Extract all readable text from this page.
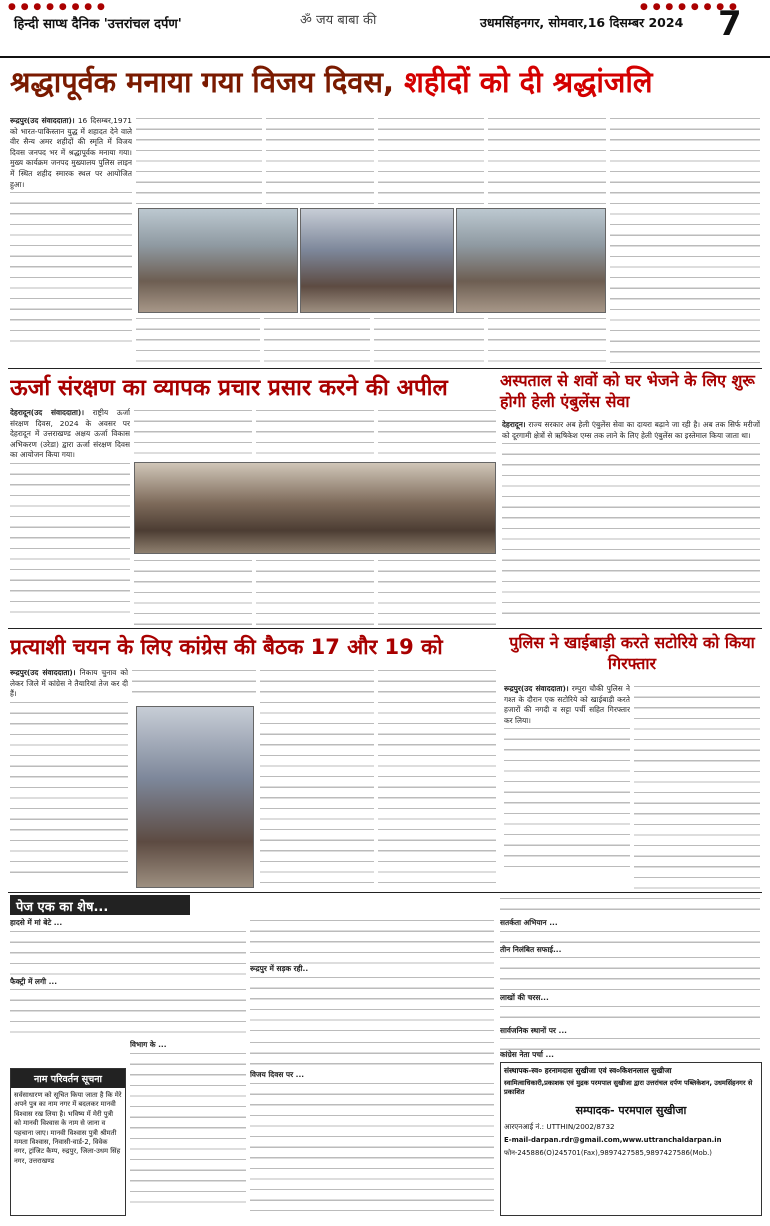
● ● ● ● ● ● ● ●	● ● ● ● ● ● ● ●
हिन्दी साप्ध दैनिक 'उत्तरांचल दर्पण'	ॐ जय बाबा की	उधमसिंहनगर, सोमवार,16 दिसम्बर 2024 7
श्रद्धापूर्वक मनाया गया विजय दिवस, शहीदों को दी श्रद्धांजलि
रूद्रपुर(उद संवाददाता)। 16 दिसम्बर,1971 को भारत-पाकिस्तान युद्ध में शहादत देने वाले वीर सैन्य अमर शहीदों की स्मृति में विजय दिवस जनपद भर में श्रद्धापूर्वक मनाया गया। मुख्य कार्यक्रम जनपद मुख्यालय पुलिस लाइन में स्थित शहीद स्मारक स्थल पर आयोजित हुआ।
ऊर्जा संरक्षण का व्यापक प्रचार प्रसार करने की अपील
देहरादून(उद संवाददाता)। राष्ट्रीय ऊर्जा संरक्षण दिवस, 2024 के अवसर पर देहरादून में उत्तराखण्ड अक्षय ऊर्जा विकास अभिकरण (उरेडा) द्वारा ऊर्जा संरक्षण दिवस का आयोजन किया गया।
अस्पताल से शवों को घर भेजने के लिए शुरू होगी हेली एंबुलेंस सेवा
देहरादून। राज्य सरकार अब हेली एंबुलेंस सेवा का दायरा बढ़ाने जा रही है। अब तक सिर्फ मरीजों को दूरगामी क्षेत्रों से ऋषिकेश एम्स तक लाने के लिए हेली एंबुलेंस का इस्तेमाल किया जाता था।
प्रत्याशी चयन के लिए कांग्रेस की बैठक 17 और 19 को
रूद्रपुर(उद संवाददाता)। निकाय चुनाव को लेकर जिले में कांग्रेस ने तैयारियां तेज कर दी हैं।
पुलिस ने खाईबाड़ी करते सटोरिये को किया गिरफ्तार
रूद्रपुर(उद संवाददाता)। रम्पुरा चौकी पुलिस ने गश्त के दौरान एक सटोरिये को खाईबाड़ी करते हजारों की नगदी व सट्टा पर्ची सहित गिरफ्तार कर लिया।
पेज एक का शेष...
हादसे में मां बेटे ...
फैक्ट्री में लगी ...
रूद्रपुर में सड़क रही..
विजय दिवस पर ...
विभाग के ...
सतर्कता अभियान ...
तीन निलंबित सफाई...
लाखों की चरस...
सार्वजनिक स्थानों पर ...
कांग्रेस नेता पर्चा ...
नाम परिवर्तन सूचना
सर्वसाधारण को सूचित किया जाता है कि मेरे अपने पुत्र का नाम नगर में बदलकर मानवी विश्वास रख लिया है। भविष्य में मेरी पुत्री को मानवी विश्वास के नाम से जाना व पहचाना जाए। मानवी विश्वास पुत्री श्रीमती ममता विश्वास, निवासी-वार्ड-2, विवेक नगर, ट्रांजिट कैम्प, रुद्रपुर, जिला-उधम सिंह नगर, उत्तराखण्ड
संस्थापक-स्व० हरनामदास सुखीजा एवं स्व०किशनलाल सुखीजा
स्वामित्वाधिकारी,प्रकाशक एवं मुद्रक परमपाल सुखीजा द्वारा उत्तरांचल दर्पण पब्लिकेशन, उधमसिंहनगर से प्रकाशित
सम्पादक- परमपाल सुखीजा
आरएनआई नं.: UTTHIN/2002/8732
E-mail-darpan.rdr@gmail.com,www.uttranchaldarpan.in
फोन-245886(O)245701(Fax),9897427585,9897427586(Mob.)
